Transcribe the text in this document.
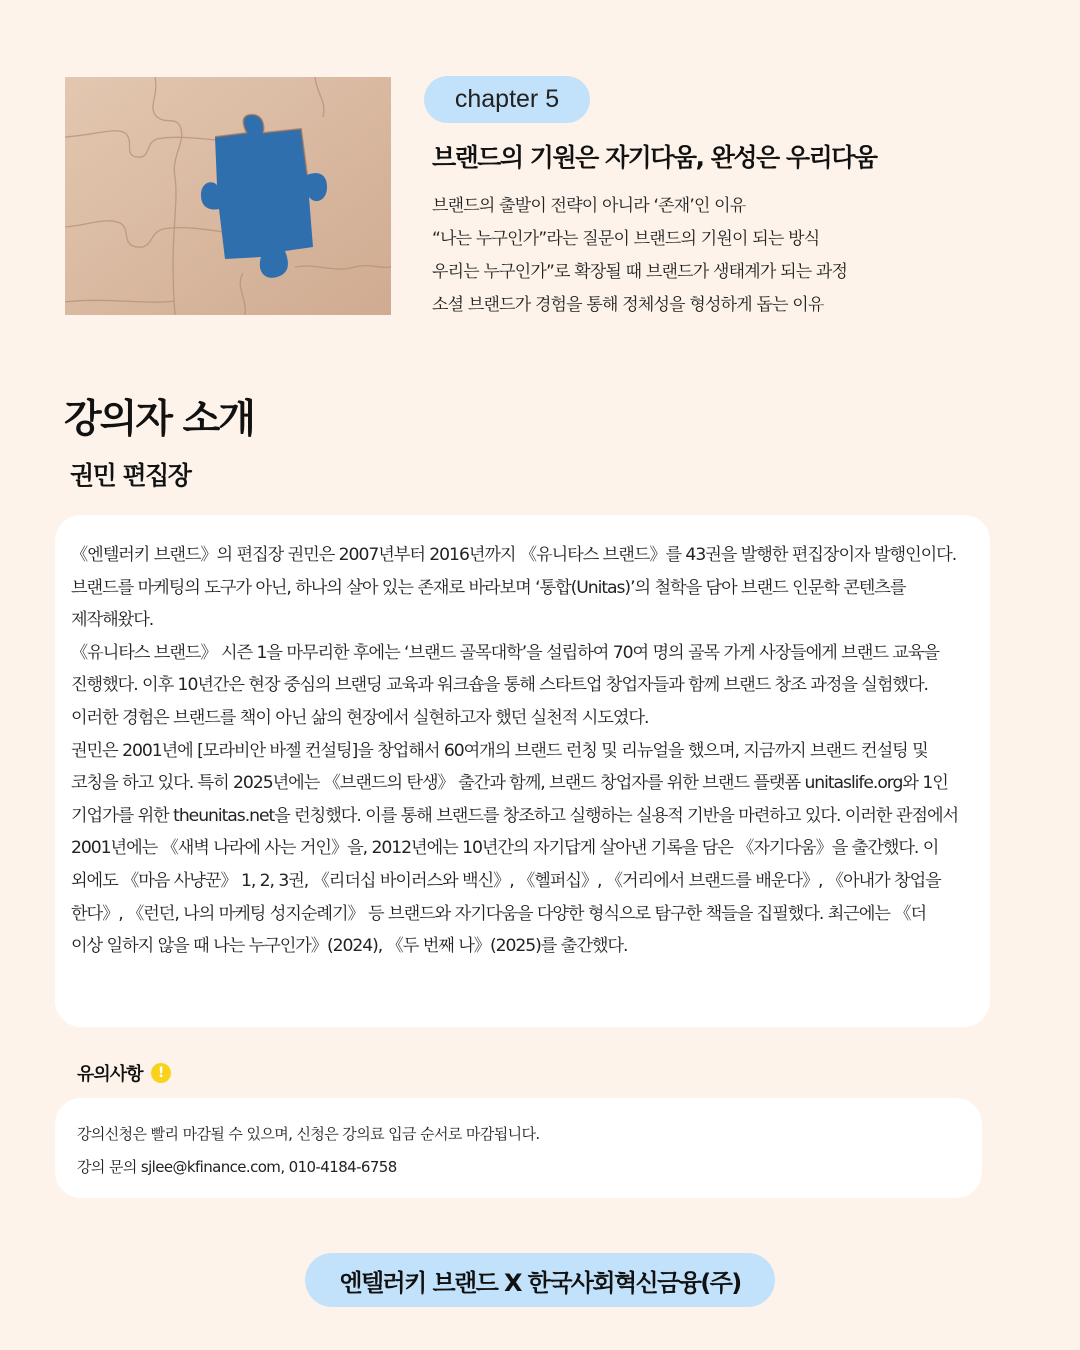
chapter 5
브랜드의 기원은 자기다움, 완성은 우리다움
브랜드의 출발이 전략이 아니라 ‘존재’인 이유
“나는 누구인가”라는 질문이 브랜드의 기원이 되는 방식
우리는 누구인가”로 확장될 때 브랜드가 생태계가 되는 과정
소셜 브랜드가 경험을 통해 정체성을 형성하게 돕는 이유
강의자 소개
권민 편집장

《엔텔러키 브랜드》의 편집장 권민은 2007년부터 2016년까지 《유니타스 브랜드》를 43권을 발행한 편집장이자 발행인이다. 브랜드를 마케팅의 도구가 아닌, 하나의 살아 있는 존재로 바라보며 ‘통합(Unitas)’의 철학을 담아 브랜드 인문학 콘텐츠를 제작해왔다.
《유니타스 브랜드》 시즌 1을 마무리한 후에는 ‘브랜드 골목대학’을 설립하여 70여 명의 골목 가게 사장들에게 브랜드 교육을 진행했다. 이후 10년간은 현장 중심의 브랜딩 교육과 워크숍을 통해 스타트업 창업자들과 함께 브랜드 창조 과정을 실험했다. 이러한 경험은 브랜드를 책이 아닌 삶의 현장에서 실현하고자 했던 실천적 시도였다.
권민은 2001년에 [모라비안 바젤 컨설팅]을 창업해서 60여개의 브랜드 런칭 및 리뉴얼을 했으며, 지금까지 브랜드 컨설팅 및 코칭을 하고 있다. 특히 2025년에는 《브랜드의 탄생》 출간과 함께, 브랜드 창업자를 위한 브랜드 플랫폼 unitaslife.org와 1인 기업가를 위한 theunitas.net을 런칭했다. 이를 통해 브랜드를 창조하고 실행하는 실용적 기반을 마련하고 있다. 이러한 관점에서 2001년에는 《새벽 나라에 사는 거인》을, 2012년에는 10년간의 자기답게 살아낸 기록을 담은 《자기다움》을 출간했다. 이 외에도 《마음 사냥꾼》 1, 2, 3권, 《리더십 바이러스와 백신》, 《헬퍼십》, 《거리에서 브랜드를 배운다》, 《아내가 창업을 한다》, 《런던, 나의 마케팅 성지순례기》 등 브랜드와 자기다움을 다양한 형식으로 탐구한 책들을 집필했다. 최근에는 《더 이상 일하지 않을 때 나는 누구인가》(2024), 《두 번째 나》(2025)를 출간했다.

유의사항	!

강의신청은 빨리 마감될 수 있으며, 신청은 강의료 입금 순서로 마감됩니다.

강의 문의 sjlee@kfinance.com, 010-4184-6758

엔텔러키 브랜드 X 한국사회혁신금융(주)
